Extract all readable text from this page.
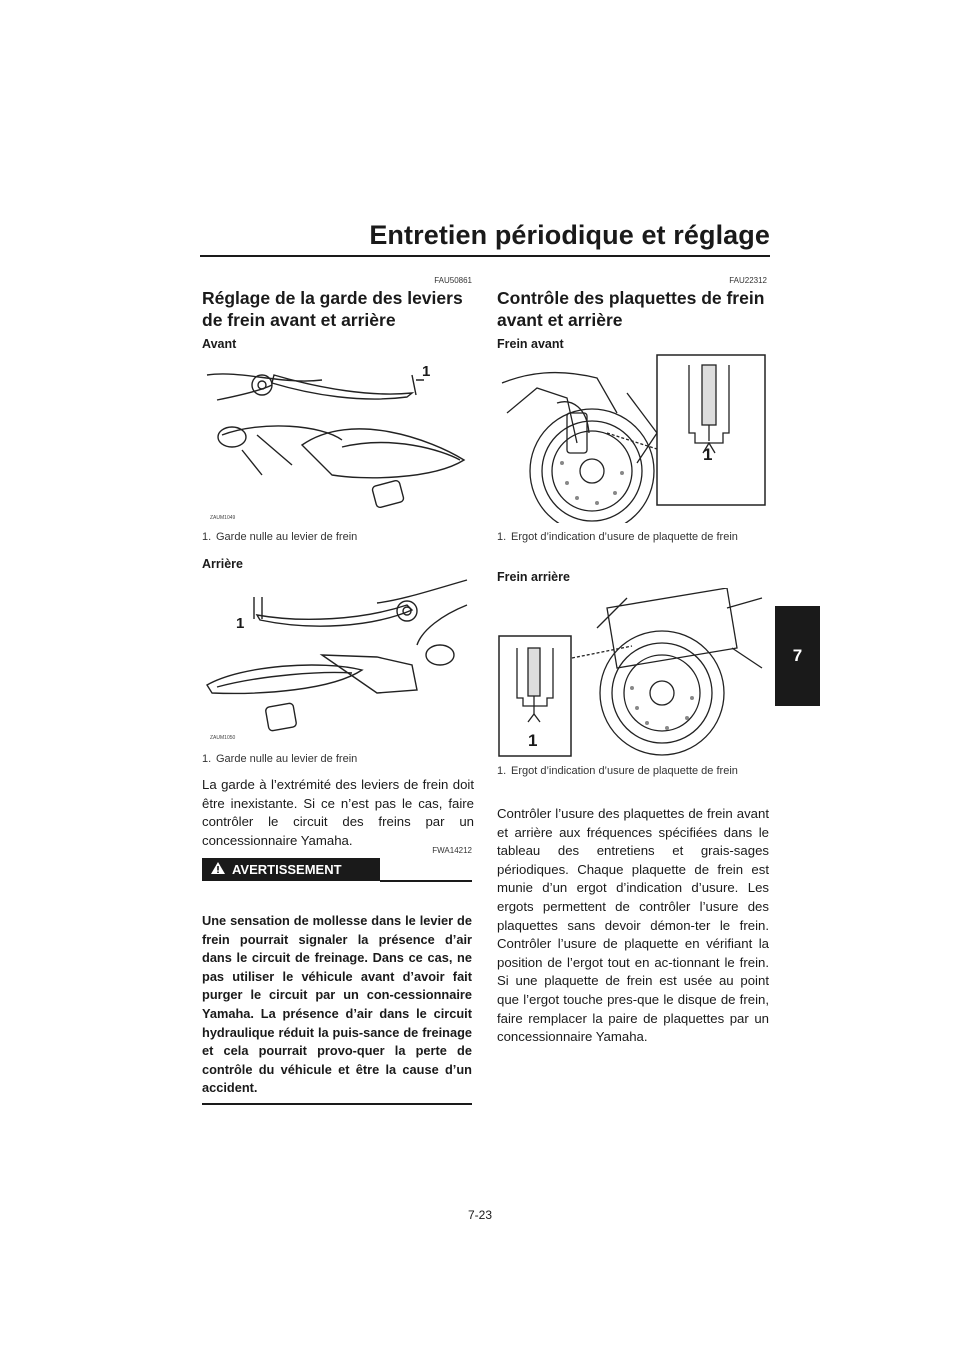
Entretien périodique et réglage
7
FAU50861
Réglage de la garde des leviers
de frein avant et arrière
Avant
1
ZAUM1049
1. Garde nulle au levier de frein
Arrière
1
ZAUM1050
1. Garde nulle au levier de frein
La garde à l’extrémité des leviers de frein doit être inexistante. Si ce n’est pas le cas, faire contrôler le circuit des freins par un concessionnaire Yamaha.
FWA14212
AVERTISSEMENT
Une sensation de mollesse dans le levier de frein pourrait signaler la présence d’air dans le circuit de freinage. Dans ce cas, ne pas utiliser le véhicule avant d’avoir fait purger le circuit par un con-cessionnaire Yamaha. La présence d’air dans le circuit hydraulique réduit la puis-sance de freinage et cela pourrait provo-quer la perte de contrôle du véhicule et être la cause d’un accident.
FAU22312
Contrôle des plaquettes de frein
avant et arrière
Frein avant
1
1. Ergot d’indication d’usure de plaquette de frein
Frein arrière
1
1. Ergot d’indication d’usure de plaquette de frein
Contrôler l’usure des plaquettes de frein avant et arrière aux fréquences spécifiées dans le tableau des entretiens et grais-sages périodiques. Chaque plaquette de frein est munie d’un ergot d’indication d’usure. Les ergots permettent de contrôler l’usure des plaquettes sans devoir démon-ter le frein. Contrôler l’usure de plaquette en vérifiant la position de l’ergot tout en ac-tionnant le frein. Si une plaquette de frein est usée au point que l’ergot touche pres-que le disque de frein, faire remplacer la paire de plaquettes par un concessionnaire Yamaha.
7-23
